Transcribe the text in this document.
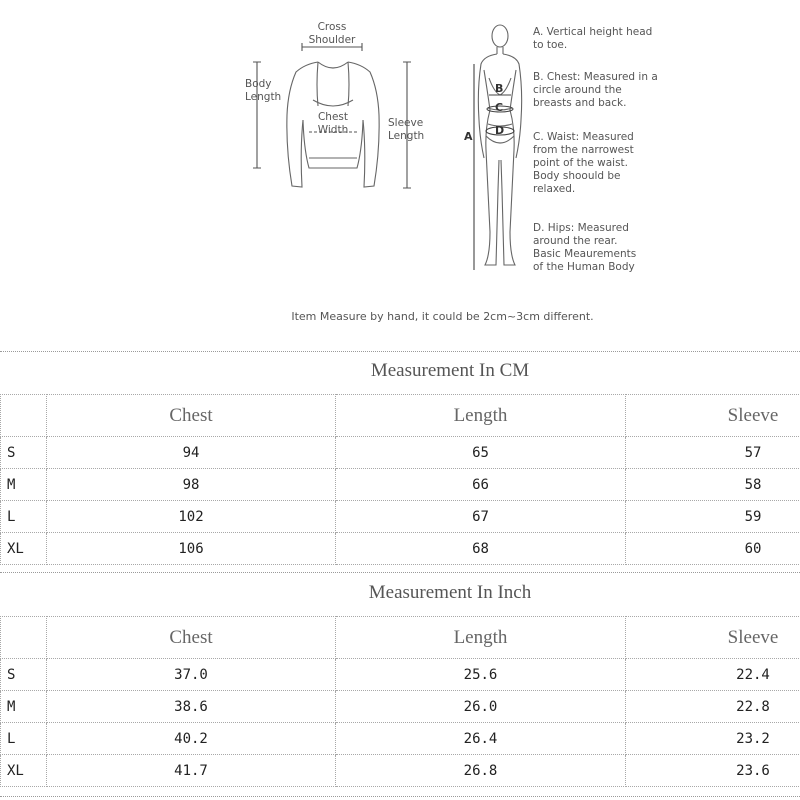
Cross
Shoulder
Body
Length
Chest
Width
Sleeve
Length	A
B
C
D
A. Vertical height head
to toe.
B. Chest: Measured in a
circle around the
breasts and back.
C. Waist: Measured
from the narrowest
point of the waist.
Body shoould be
relaxed.
D. Hips: Measured
around the rear.
Basic Meaurements
of the Human Body
Item Measure by hand, it could be 2cm~3cm different.
Measurement In CM
	Chest	Length	Sleeve
S	94	65	57
M	98	66	58
L	102	67	59
XL	106	68	60
Measurement In Inch
	Chest	Length	Sleeve
S	37.0	25.6	22.4
M	38.6	26.0	22.8
L	40.2	26.4	23.2
XL	41.7	26.8	23.6
